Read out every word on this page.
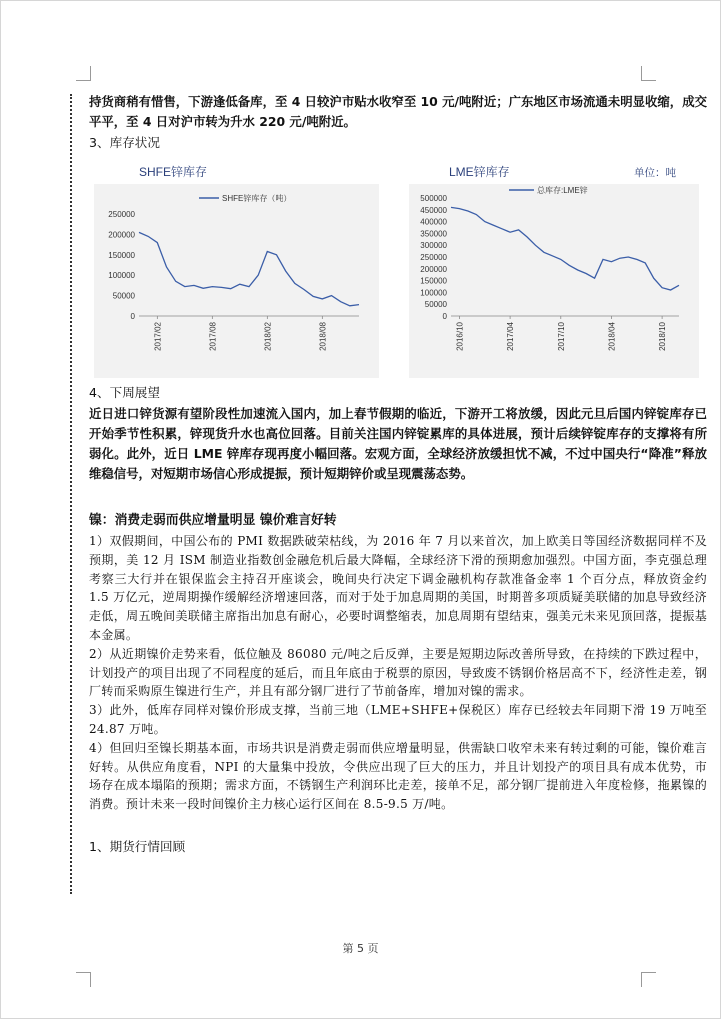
持货商稍有惜售，下游逢低备库，至 4 日较沪市贴水收窄至 10 元/吨附近；广东地区市场流通未明显收缩，成交平平，至 4 日对沪市转为升水 220 元/吨附近。

3、库存状况

SHFE锌库存
SHFE锌库存（吨）
0
50000
100000
150000
200000
250000
2017/02	2017/08	2018/02	2018/08
LME锌库存	单位：吨
总库存:LME锌
0
50000
100000
150000
200000
250000
300000
350000
400000
450000
500000
2016/10	2017/04	2017/10	2018/04	2018/10

4、下周展望

近日进口锌货源有望阶段性加速流入国内，加上春节假期的临近，下游开工将放缓，因此元旦后国内锌锭库存已开始季节性积累，锌现货升水也高位回落。目前关注国内锌锭累库的具体进展，预计后续锌锭库存的支撑将有所弱化。此外，近日 LME 锌库存现再度小幅回落。宏观方面，全球经济放缓担忧不减，不过中国央行“降准”释放维稳信号，对短期市场信心形成提振，预计短期锌价或呈现震荡态势。

镍：消费走弱而供应增量明显 镍价难言好转

1）双假期间，中国公布的 PMI 数据跌破荣枯线，为 2016 年 7 月以来首次，加上欧美日等国经济数据同样不及预期，美 12 月 ISM 制造业指数创金融危机后最大降幅，全球经济下滑的预期愈加强烈。中国方面，李克强总理考察三大行并在银保监会主持召开座谈会，晚间央行决定下调金融机构存款准备金率 1 个百分点，释放资金约 1.5 万亿元，逆周期操作缓解经济增速回落，而对于处于加息周期的美国，时期普多项质疑美联储的加息导致经济走低，周五晚间美联储主席指出加息有耐心，必要时调整缩表，加息周期有望结束，强美元未来见顶回落，提振基本金属。

2）从近期镍价走势来看，低位触及 86080 元/吨之后反弹，主要是短期边际改善所导致，在持续的下跌过程中，计划投产的项目出现了不同程度的延后，而且年底由于税票的原因，导致废不锈钢价格居高不下，经济性走差，钢厂转而采购原生镍进行生产，并且有部分钢厂进行了节前备库，增加对镍的需求。

3）此外，低库存同样对镍价形成支撑，当前三地（LME+SHFE+保税区）库存已经较去年同期下滑 19 万吨至 24.87 万吨。

4）但回归至镍长期基本面，市场共识是消费走弱而供应增量明显，供需缺口收窄未来有转过剩的可能，镍价难言好转。从供应角度看，NPI 的大量集中投放，令供应出现了巨大的压力，并且计划投产的项目具有成本优势，市场存在成本塌陷的预期；需求方面，不锈钢生产利润环比走差，接单不足，部分钢厂提前进入年度检修，拖累镍的消费。预计未来一段时间镍价主力核心运行区间在 8.5-9.5 万/吨。

1、期货行情回顾

第 5 页
